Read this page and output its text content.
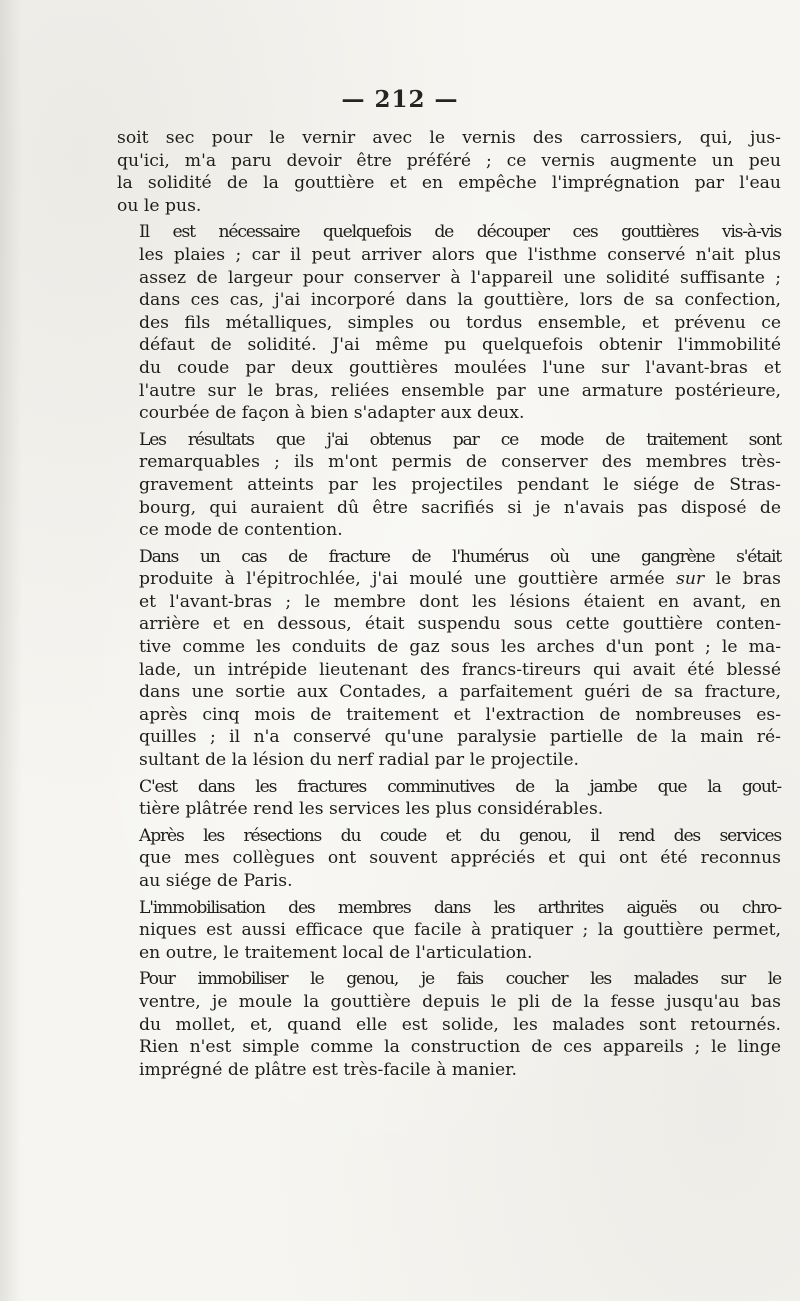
— 212 —
soit sec pour le vernir avec le vernis des carrossiers, qui, jus-
qu'ici, m'a paru devoir être préféré ; ce vernis augmente un peu
la solidité de la gouttière et en empêche l'imprégnation par l'eau
ou le pus.
Il est nécessaire quelquefois de découper ces gouttières vis-à-vis
les plaies ; car il peut arriver alors que l'isthme conservé n'ait plus
assez de largeur pour conserver à l'appareil une solidité suffisante ;
dans ces cas, j'ai incorporé dans la gouttière, lors de sa confection,
des fils métalliques, simples ou tordus ensemble, et prévenu ce
défaut de solidité. J'ai même pu quelquefois obtenir l'immobilité
du coude par deux gouttières moulées l'une sur l'avant-bras et
l'autre sur le bras, reliées ensemble par une armature postérieure,
courbée de façon à bien s'adapter aux deux.
Les résultats que j'ai obtenus par ce mode de traitement sont
remarquables ; ils m'ont permis de conserver des membres très-
gravement atteints par les projectiles pendant le siége de Stras-
bourg, qui auraient dû être sacrifiés si je n'avais pas disposé de
ce mode de contention.
Dans un cas de fracture de l'humérus où une gangrène s'était
produite à l'épitrochlée, j'ai moulé une gouttière armée sur le bras
et l'avant-bras ; le membre dont les lésions étaient en avant, en
arrière et en dessous, était suspendu sous cette gouttière conten-
tive comme les conduits de gaz sous les arches d'un pont ; le ma-
lade, un intrépide lieutenant des francs-tireurs qui avait été blessé
dans une sortie aux Contades, a parfaitement guéri de sa fracture,
après cinq mois de traitement et l'extraction de nombreuses es-
quilles ; il n'a conservé qu'une paralysie partielle de la main ré-
sultant de la lésion du nerf radial par le projectile.
C'est dans les fractures comminutives de la jambe que la gout-
tière plâtrée rend les services les plus considérables.
Après les résections du coude et du genou, il rend des services
que mes collègues ont souvent appréciés et qui ont été reconnus
au siége de Paris.
L'immobilisation des membres dans les arthrites aiguës ou chro-
niques est aussi efficace que facile à pratiquer ; la gouttière permet,
en outre, le traitement local de l'articulation.
Pour immobiliser le genou, je fais coucher les malades sur le
ventre, je moule la gouttière depuis le pli de la fesse jusqu'au bas
du mollet, et, quand elle est solide, les malades sont retournés.
Rien n'est simple comme la construction de ces appareils ; le linge
imprégné de plâtre est très-facile à manier.
